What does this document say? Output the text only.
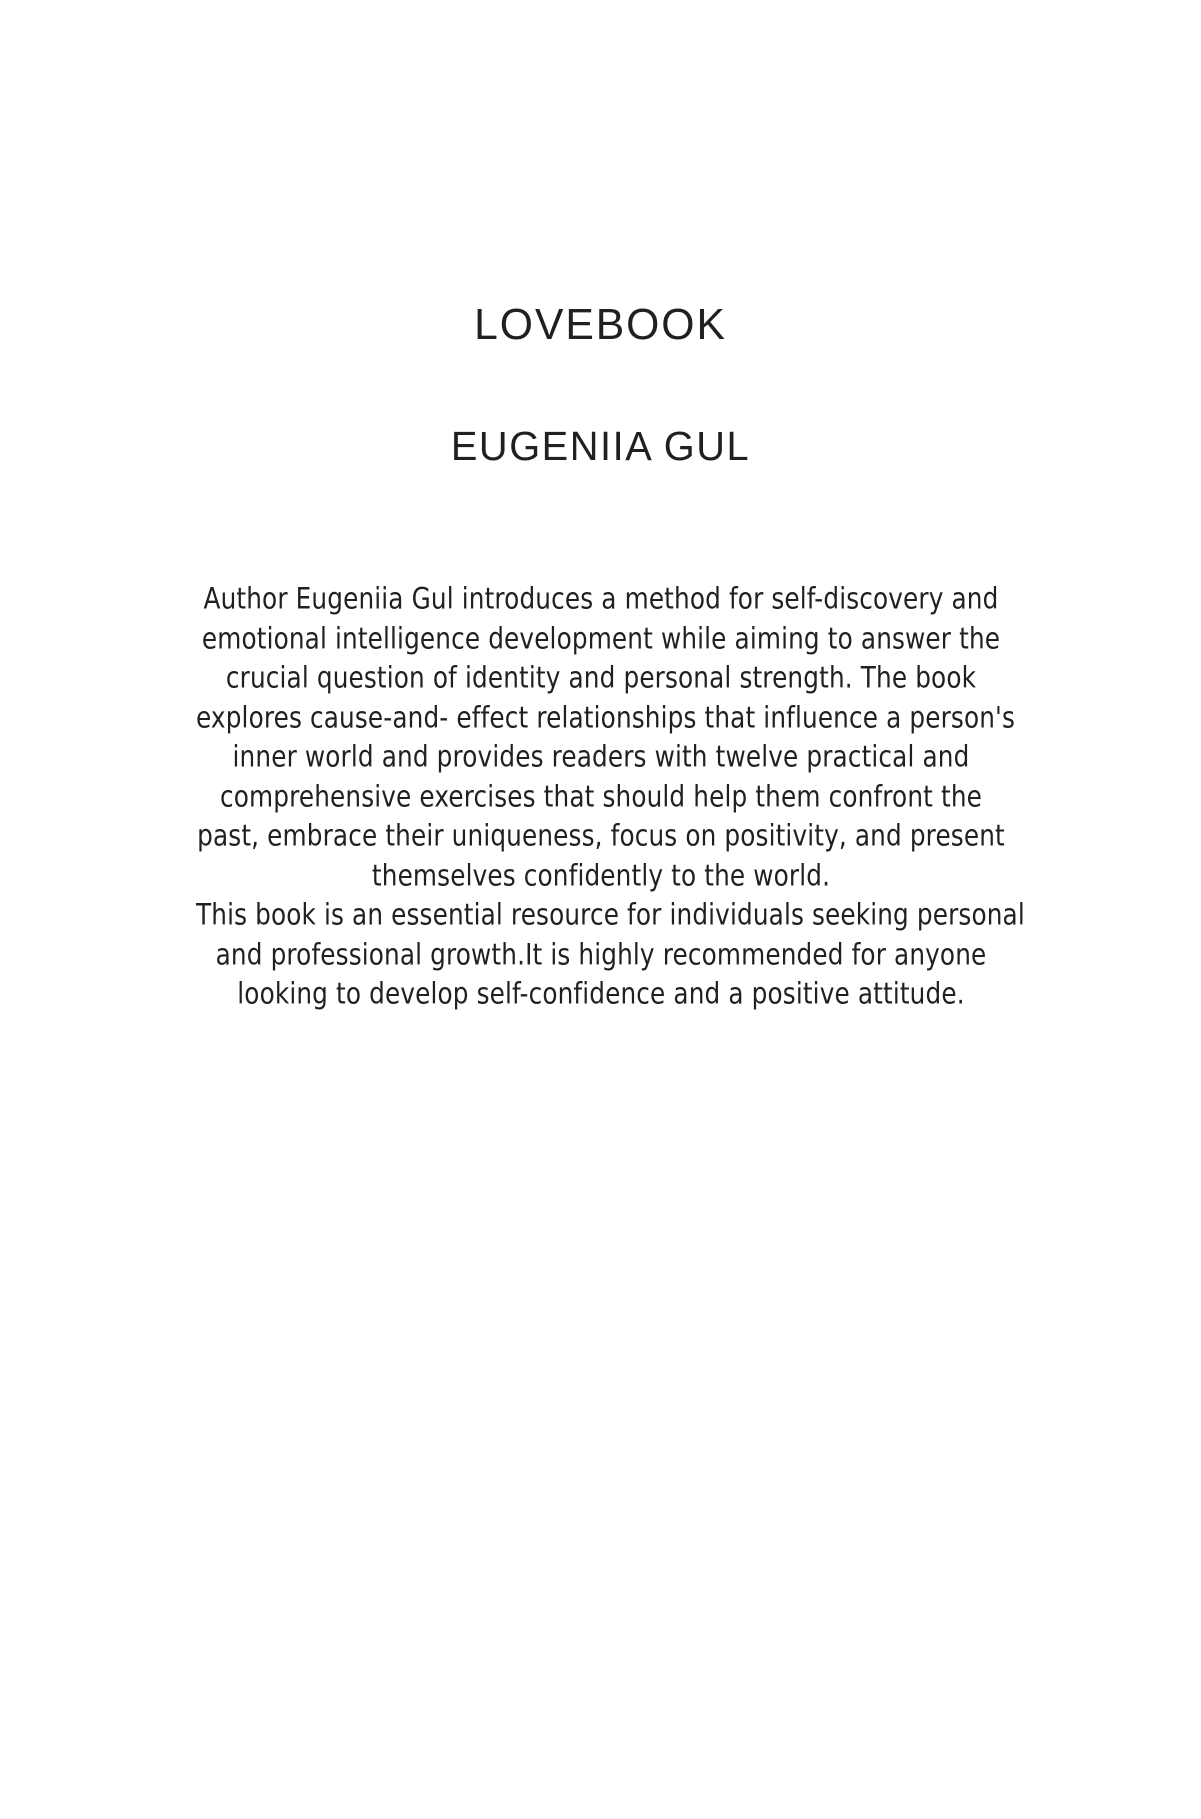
LOVEBOOK
EUGENIIA GUL

Author Eugeniia Gul introduces a method for self-discovery and
emotional intelligence development while aiming to answer the
crucial question of identity and personal strength. The book
explores cause-and- effect relationships that influence a person's
inner world and provides readers with twelve practical and
comprehensive exercises that should help them confront the
past, embrace their uniqueness, focus on positivity, and present
themselves confidently to the world.

This book is an essential resource for individuals seeking personal
and professional growth.It is highly recommended for anyone
looking to develop self-confidence and a positive attitude.
